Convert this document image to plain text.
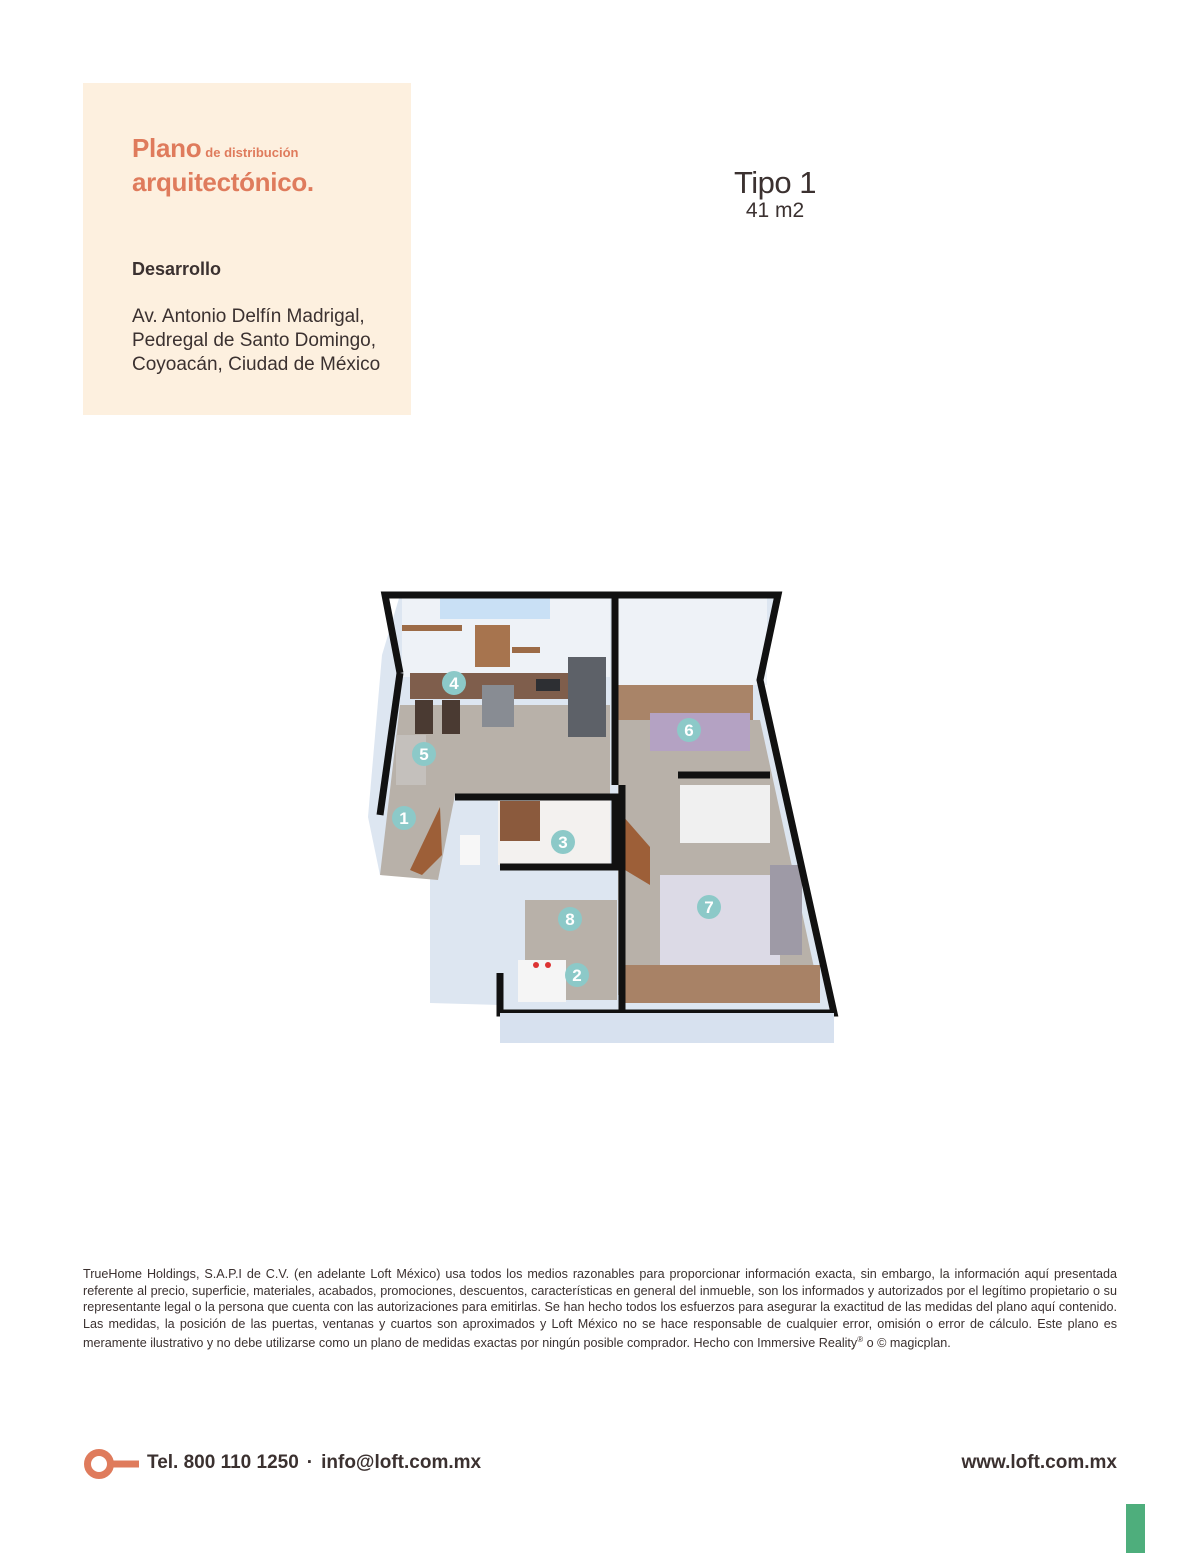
Plano de distribución
arquitectónico.
Desarrollo
Av. Antonio Delfín Madrigal,
Pedregal de Santo Domingo,
Coyoacán, Ciudad de México
Tipo 1
41 m2
1
2
3
4
5
6
7
8
TrueHome Holdings, S.A.P.I de C.V. (en adelante Loft México) usa todos los medios razonables para proporcionar información exacta, sin embargo, la información aquí presentada referente al precio, superficie, materiales, acabados, promociones, descuentos, características en general del inmueble, son los informados y autorizados por el legítimo propietario o su representante legal o la persona que cuenta con las autorizaciones para emitirlas. Se han hecho todos los esfuerzos para asegurar la exactitud de las medidas del plano aquí contenido. Las medidas, la posición de las puertas, ventanas y cuartos son aproximados y Loft México no se hace responsable de cualquier error, omisión o error de cálculo. Este plano es meramente ilustrativo y no debe utilizarse como un plano de medidas exactas por ningún posible comprador. Hecho con Immersive Reality® o © magicplan.
Tel. 800 110 1250 · info@loft.com.mx	www.loft.com.mx
